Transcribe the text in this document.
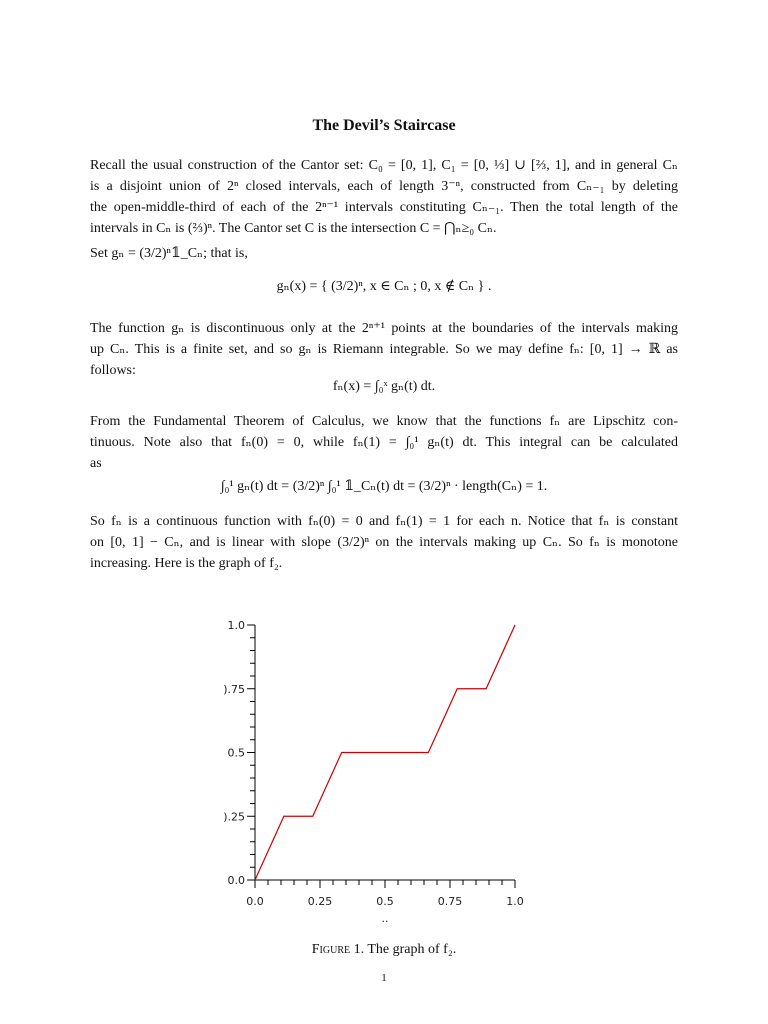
The Devil’s Staircase
Recall the usual construction of the Cantor set: C₀ = [0, 1], C₁ = [0, ⅓] ∪ [⅔, 1], and in general Cₙ
is a disjoint union of 2ⁿ closed intervals, each of length 3⁻ⁿ, constructed from Cₙ₋₁ by deleting
the open-middle-third of each of the 2ⁿ⁻¹ intervals constituting Cₙ₋₁. Then the total length of the
intervals in Cₙ is (⅔)ⁿ. The Cantor set C is the intersection C = ⋂ₙ≥₀ Cₙ.
Set gₙ = (3/2)ⁿ𝟙_Cₙ; that is,
gₙ(x) = { (3/2)ⁿ, x ∈ Cₙ ; 0, x ∉ Cₙ } .
The function gₙ is discontinuous only at the 2ⁿ⁺¹ points at the boundaries of the intervals making
up Cₙ. This is a finite set, and so gₙ is Riemann integrable. So we may define fₙ: [0, 1] → ℝ as
follows:
fₙ(x) = ∫₀ˣ gₙ(t) dt.
From the Fundamental Theorem of Calculus, we know that the functions fₙ are Lipschitz con-
tinuous. Note also that fₙ(0) = 0, while fₙ(1) = ∫₀¹ gₙ(t) dt. This integral can be calculated
as
∫₀¹ gₙ(t) dt = (3/2)ⁿ ∫₀¹ 𝟙_Cₙ(t) dt = (3/2)ⁿ · length(Cₙ) = 1.
So fₙ is a continuous function with fₙ(0) = 0 and fₙ(1) = 1 for each n. Notice that fₙ is constant
on [0, 1] − Cₙ, and is linear with slope (3/2)ⁿ on the intervals making up Cₙ. So fₙ is monotone
increasing. Here is the graph of f₂.
0.0	0.25	0.5	0.75	1.0
1.0
0.5
0.0
).75
).25
..
Figure 1. The graph of f₂.
1
